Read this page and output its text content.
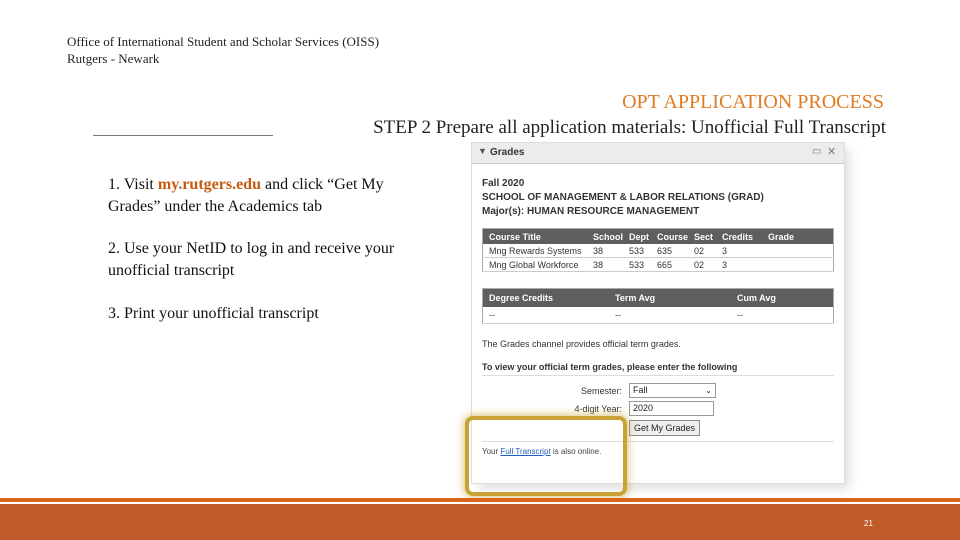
Office of International Student and Scholar Services (OISS)
Rutgers - Newark
OPT APPLICATION PROCESS
STEP 2 Prepare all application materials: Unofficial Full Transcript
1. Visit my.rutgers.edu and click “Get My Grades” under the Academics tab
2. Use your NetID to log in and receive your unofficial transcript
3. Print your unofficial transcript
▼ Grades	▭ ✕
Fall 2020
SCHOOL OF MANAGEMENT & LABOR RELATIONS (GRAD)
Major(s): HUMAN RESOURCE MANAGEMENT
Course Title	School	Dept	Course	Sect	Credits	Grade
Mng Rewards Systems	38	533	635	02	3	
Mng Global Workforce	38	533	665	02	3	
Degree Credits	Term Avg	Cum Avg
--	--	--
The Grades channel provides official term grades.
To view your official term grades, please enter the following
Semester:	Fall	⌄
4-digit Year:	2020
Get My Grades
Your Full Transcript is also online.
21
